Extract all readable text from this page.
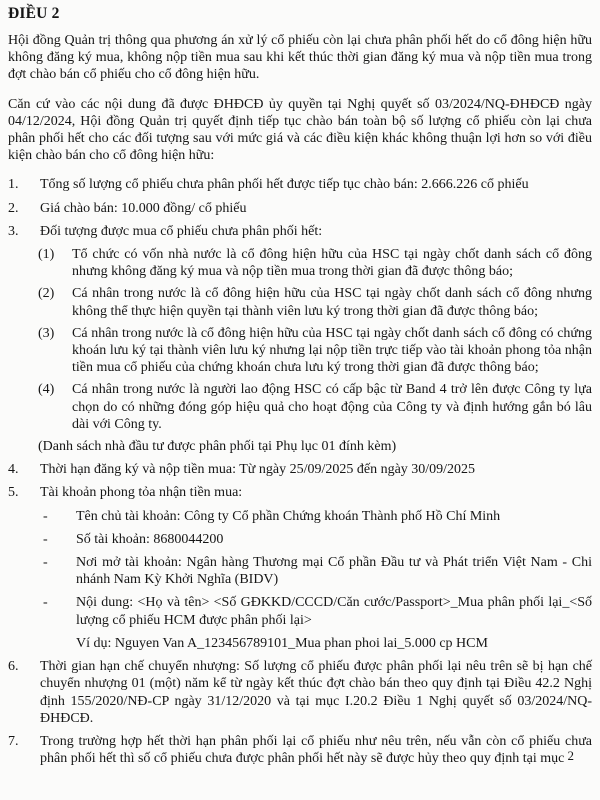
ĐIỀU 2

Hội đồng Quản trị thông qua phương án xử lý cổ phiếu còn lại chưa phân phối hết do cổ đông hiện hữu không đăng ký mua, không nộp tiền mua sau khi kết thúc thời gian đăng ký mua và nộp tiền mua trong đợt chào bán cổ phiếu cho cổ đông hiện hữu.

Căn cứ vào các nội dung đã được ĐHĐCĐ ủy quyền tại Nghị quyết số 03/2024/NQ-ĐHĐCĐ ngày 04/12/2024, Hội đồng Quản trị quyết định tiếp tục chào bán toàn bộ số lượng cổ phiếu còn lại chưa phân phối hết cho các đối tượng sau với mức giá và các điều kiện khác không thuận lợi hơn so với điều kiện chào bán cho cổ đông hiện hữu:

1.	Tổng số lượng cổ phiếu chưa phân phối hết được tiếp tục chào bán: 2.666.226 cổ phiếu
2.	Giá chào bán: 10.000 đồng/ cổ phiếu
3.	Đối tượng được mua cổ phiếu chưa phân phối hết:
(1)	Tổ chức có vốn nhà nước là cổ đông hiện hữu của HSC tại ngày chốt danh sách cổ đông nhưng không đăng ký mua và nộp tiền mua trong thời gian đã được thông báo;
(2)	Cá nhân trong nước là cổ đông hiện hữu của HSC tại ngày chốt danh sách cổ đông nhưng không thể thực hiện quyền tại thành viên lưu ký trong thời gian đã được thông báo;
(3)	Cá nhân trong nước là cổ đông hiện hữu của HSC tại ngày chốt danh sách cổ đông có chứng khoán lưu ký tại thành viên lưu ký nhưng lại nộp tiền trực tiếp vào tài khoản phong tỏa nhận tiền mua cổ phiếu của chứng khoán chưa lưu ký trong thời gian đã được thông báo;
(4)	Cá nhân trong nước là người lao động HSC có cấp bậc từ Band 4 trở lên được Công ty lựa chọn do có những đóng góp hiệu quả cho hoạt động của Công ty và định hướng gắn bó lâu dài với Công ty.
(Danh sách nhà đầu tư được phân phối tại Phụ lục 01 đính kèm)
4.	Thời hạn đăng ký và nộp tiền mua: Từ ngày 25/09/2025 đến ngày 30/09/2025
5.	Tài khoản phong tỏa nhận tiền mua:
-	Tên chủ tài khoản: Công ty Cổ phần Chứng khoán Thành phố Hồ Chí Minh
-	Số tài khoản: 8680044200
-	Nơi mở tài khoản: Ngân hàng Thương mại Cổ phần Đầu tư và Phát triển Việt Nam - Chi nhánh Nam Kỳ Khởi Nghĩa (BIDV)
-	Nội dung: <Họ và tên> <Số GĐKKD/CCCD/Căn cước/Passport>_Mua phân phối lại_<Số lượng cổ phiếu HCM được phân phối lại>
Ví dụ: Nguyen Van A_123456789101_Mua phan phoi lai_5.000 cp HCM
6.	Thời gian hạn chế chuyển nhượng: Số lượng cổ phiếu được phân phối lại nêu trên sẽ bị hạn chế chuyển nhượng 01 (một) năm kể từ ngày kết thúc đợt chào bán theo quy định tại Điều 42.2 Nghị định 155/2020/NĐ-CP ngày 31/12/2020 và tại mục I.20.2 Điều 1 Nghị quyết số 03/2024/NQ-ĐHĐCĐ.
7.	Trong trường hợp hết thời hạn phân phối lại cổ phiếu như nêu trên, nếu vẫn còn cổ phiếu chưa phân phối hết thì số cổ phiếu chưa được phân phối hết này sẽ được hủy theo quy định tại mục 2
